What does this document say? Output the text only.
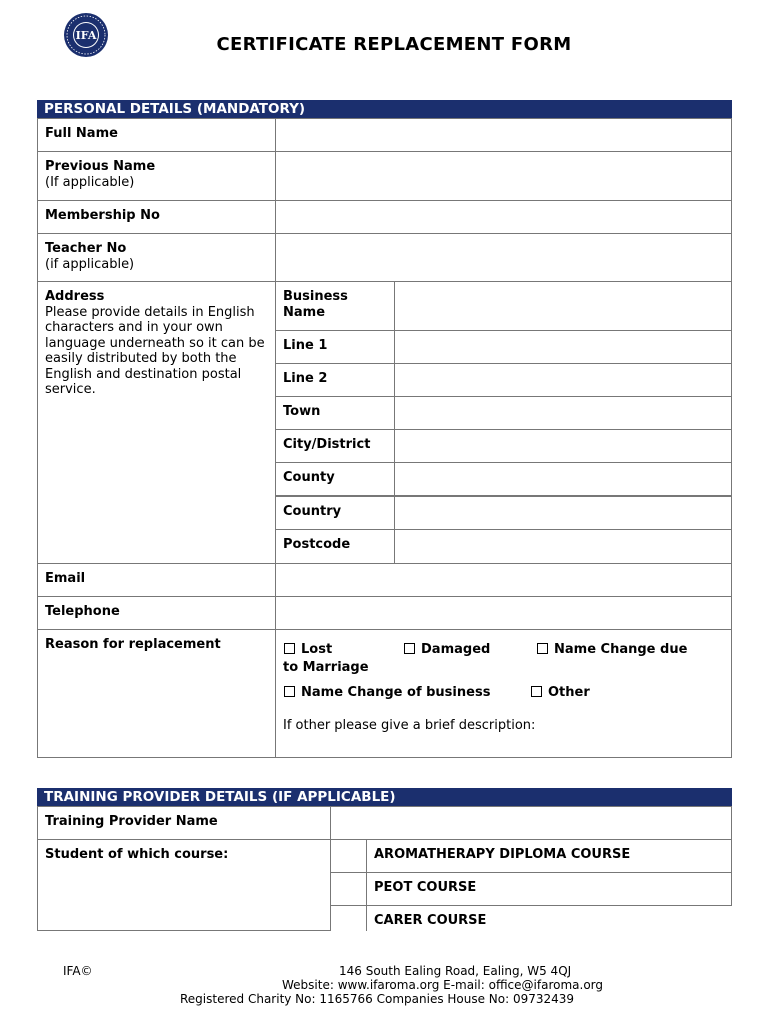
IFA	CERTIFICATE REPLACEMENT FORM
PERSONAL DETAILS (MANDATORY)
Full Name
Previous Name
(If applicable)
Membership No
Teacher No
(if applicable)
Address
Please provide details in English characters and in your own language underneath so it can be easily distributed by both the English and destination postal service.
Business Name
Line 1
Line 2
Town
City/District
County
Country
Postcode
Email
Telephone
Reason for replacement	Lost	Damaged	Name Change due
to Marriage
Name Change of business	Other
If other please give a brief description:
TRAINING PROVIDER DETAILS (IF APPLICABLE)
Training Provider Name
Student of which course:	AROMATHERAPY DIPLOMA COURSE
PEOT COURSE
CARER COURSE
IFA©	146 South Ealing Road, Ealing, W5 4QJ
Website: www.ifaroma.org E-mail: office@ifaroma.org
Registered Charity No: 1165766 Companies House No: 09732439
